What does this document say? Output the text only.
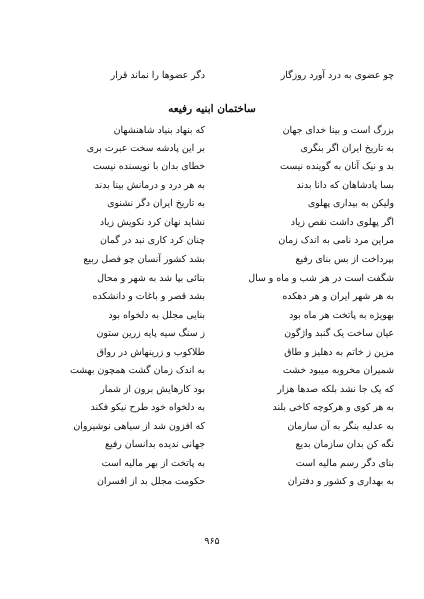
چو عضوی به درد آورد روزگار
دگر عضوها را نماند قرار
ساختمان ابنیه رفیعه
بزرگ است و بینا خدای جهان
که بنهاد بنیاد شاهنشهان
به تاریخ ایران اگر بنگری
بر این پادشه سخت عبرت بری
بد و نیک آنان به گوینده نیست
خطای بدان با نویسنده نیست
بسا پادشاهان که دانا بدند
به هر درد و درمانش بینا بدند
ولیکن به بیداری پهلوی
به تاریخ ایران دگر نشنوی
اگر پهلوی داشت نقص زیاد
نشاید نهان کرد نکویش زیاد
مراین مرد نامی به اندک زمان
چنان کرد کاری نبد در گمان
بپرداخت از بس بنای رفیع
بشد کشور آنسان چو فصل ربیع
شگفت است در هر شب و ماه و سال
بنائی بپا شد به شهر و محال
به هر شهر ایران و هر دهکده
بشد قصر و باغات و دانشکده
بهویژه به پاتخت هر ماه بود
بنایی مجلل به دلخواه بود
عیان ساخت یک گنبد واژگون
ز سنگ سیه پایه زرین ستون
مزین ز خاتم به دهلیز و طاق
طلاکوب و زرینهاش در رواق
شمیران مخروبه میبود خشت
به اندک زمان گشت همچون بهشت
که یک جا نشد بلکه صدها هزار
بود کارهایش برون از شمار
به هر کوی و هرکوچه کاخی بلند
به دلخواه خود طرح نیکو فکند
به عدلیه بنگر به آن سازمان
که افزون شد از سیاهی نوشیروان
نگه کن بدان سازمان بدیع
جهانی ندیده بدانسان رفیع
بنای دگر رسم مالیه است
به پاتخت از بهر مالیه است
به بهداری و کشور و دفتران
حکومت مجلل بد از افسران
۹۶۵
